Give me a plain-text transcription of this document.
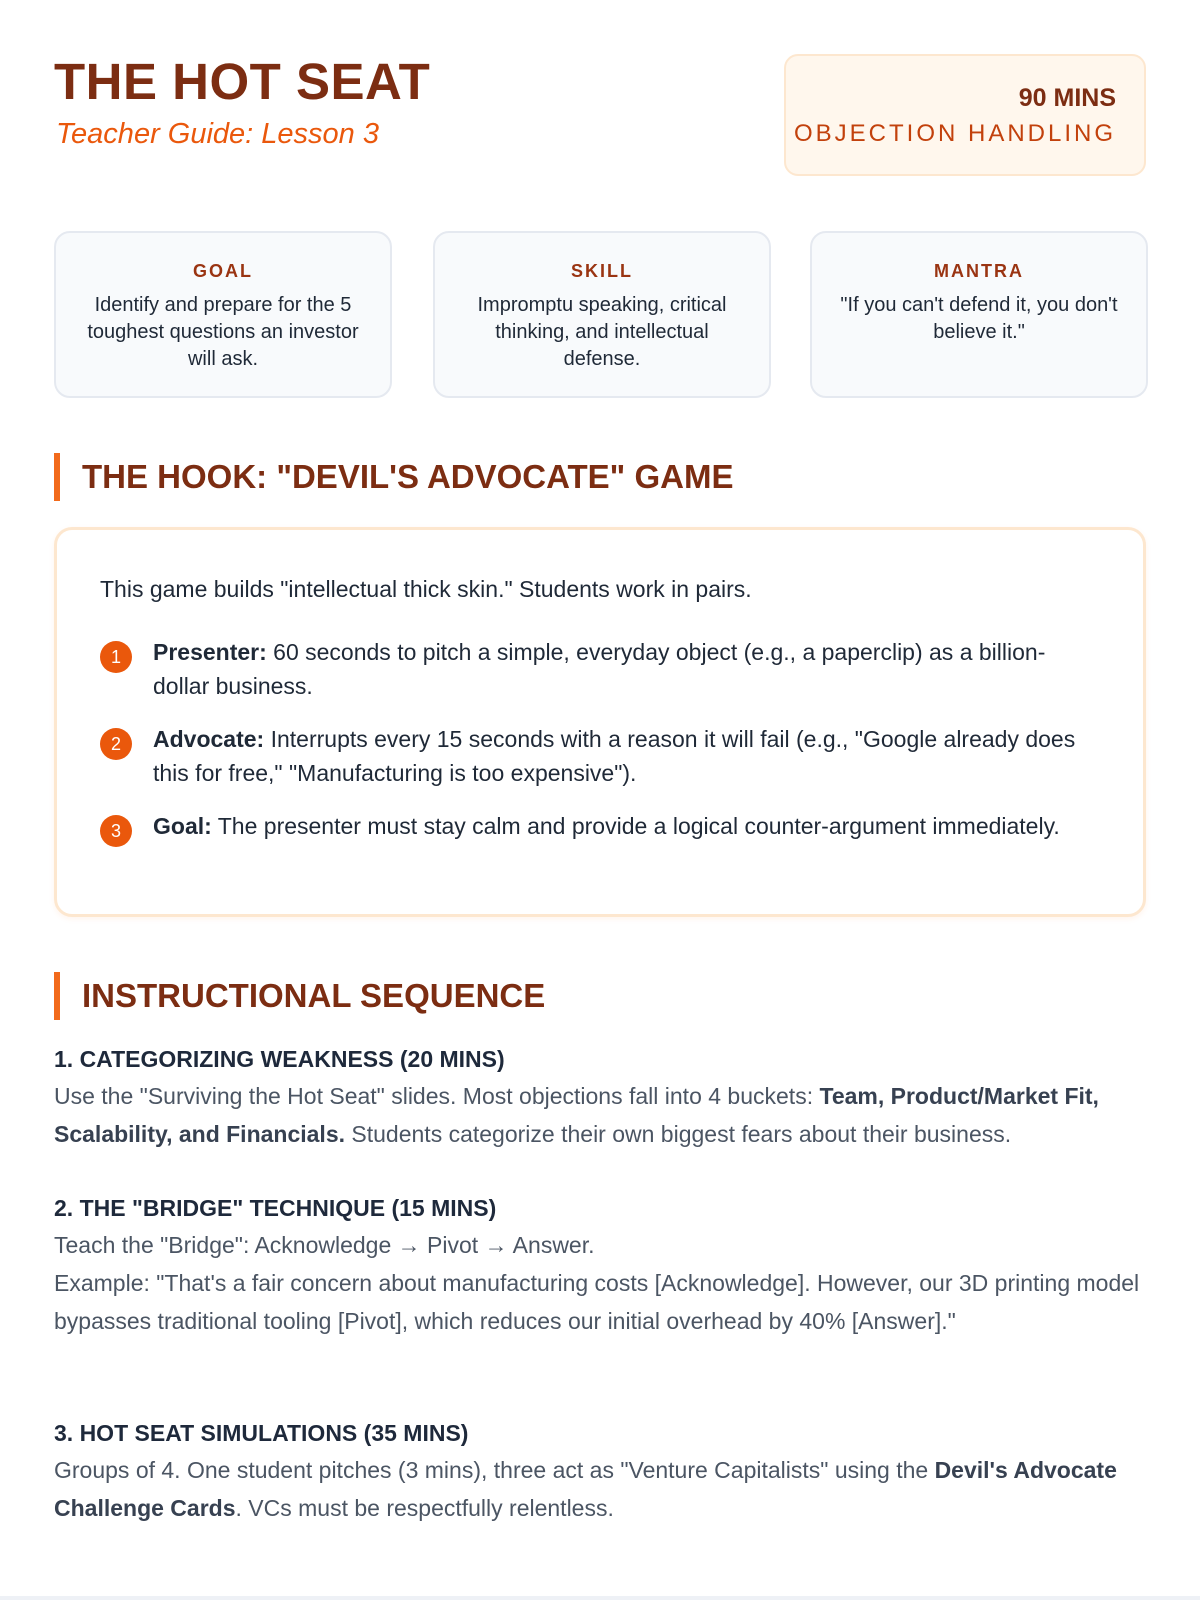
THE HOT SEAT

Teacher Guide: Lesson 3

90 MINS
OBJECTION HANDLING
GOAL
Identify and prepare for the 5 toughest questions an investor will ask.
SKILL
Impromptu speaking, critical thinking, and intellectual defense.
MANTRA
"If you can't defend it, you don't believe it."
THE HOOK: "DEVIL'S ADVOCATE" GAME
This game builds "intellectual thick skin." Students work in pairs.
1	Presenter: 60 seconds to pitch a simple, everyday object (e.g., a paperclip) as a billion-dollar business.
2	Advocate: Interrupts every 15 seconds with a reason it will fail (e.g., "Google already does this for free," "Manufacturing is too expensive").
3	Goal: The presenter must stay calm and provide a logical counter-argument immediately.
INSTRUCTIONAL SEQUENCE

1. CATEGORIZING WEAKNESS (20 MINS)

Use the "Surviving the Hot Seat" slides. Most objections fall into 4 buckets: Team, Product/Market Fit, Scalability, and Financials. Students categorize their own biggest fears about their business.

2. THE "BRIDGE" TECHNIQUE (15 MINS)

Teach the "Bridge": Acknowledge → Pivot → Answer.
Example: "That's a fair concern about manufacturing costs [Acknowledge]. However, our 3D printing model bypasses traditional tooling [Pivot], which reduces our initial overhead by 40% [Answer]."

3. HOT SEAT SIMULATIONS (35 MINS)

Groups of 4. One student pitches (3 mins), three act as "Venture Capitalists" using the Devil's Advocate Challenge Cards. VCs must be respectfully relentless.
